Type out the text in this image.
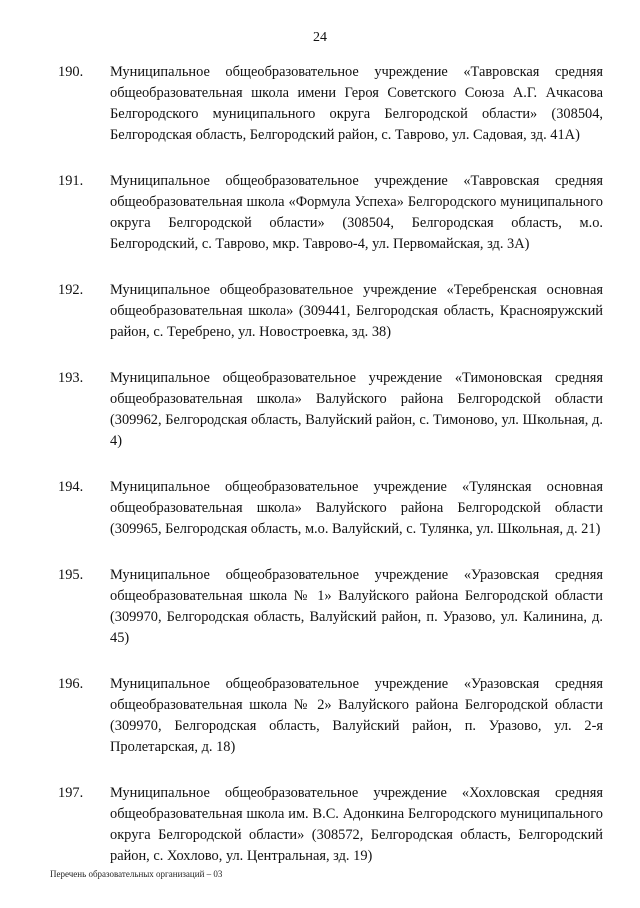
24
190.	Муниципальное общеобразовательное учреждение «Тавровская средняя общеобразовательная школа имени Героя Советского Союза А.Г. Ачкасова Белгородского муниципального округа Белгородской области» (308504, Белгородская область, Белгородский район, с. Таврово, ул. Садовая, зд. 41А)
191.	Муниципальное общеобразовательное учреждение «Тавровская средняя общеобразовательная школа «Формула Успеха» Белгородского муниципального округа Белгородской области» (308504, Белгородская область, м.о. Белгородский, с. Таврово, мкр. Таврово-4, ул. Первомайская, зд. 3А)
192.	Муниципальное общеобразовательное учреждение «Теребренская основная общеобразовательная школа» (309441, Белгородская область, Краснояружский район, с. Теребрено, ул. Новостроевка, зд. 38)
193.	Муниципальное общеобразовательное учреждение «Тимоновская средняя общеобразовательная школа» Валуйского района Белгородской области (309962, Белгородская область, Валуйский район, с. Тимоново, ул. Школьная, д. 4)
194.	Муниципальное общеобразовательное учреждение «Тулянская основная общеобразовательная школа» Валуйского района Белгородской области (309965, Белгородская область, м.о. Валуйский, с. Тулянка, ул. Школьная, д. 21)
195.	Муниципальное общеобразовательное учреждение «Уразовская средняя общеобразовательная школа № 1» Валуйского района Белгородской области (309970, Белгородская область, Валуйский район, п. Уразово, ул. Калинина, д. 45)
196.	Муниципальное общеобразовательное учреждение «Уразовская средняя общеобразовательная школа № 2» Валуйского района Белгородской области (309970, Белгородская область, Валуйский район, п. Уразово, ул. 2-я Пролетарская, д. 18)
197.	Муниципальное общеобразовательное учреждение «Хохловская средняя общеобразовательная школа им. В.С. Адонкина Белгородского муниципального округа Белгородской области» (308572, Белгородская область, Белгородский район, с. Хохлово, ул. Центральная, зд. 19)
Перечень образовательных организаций – 03
